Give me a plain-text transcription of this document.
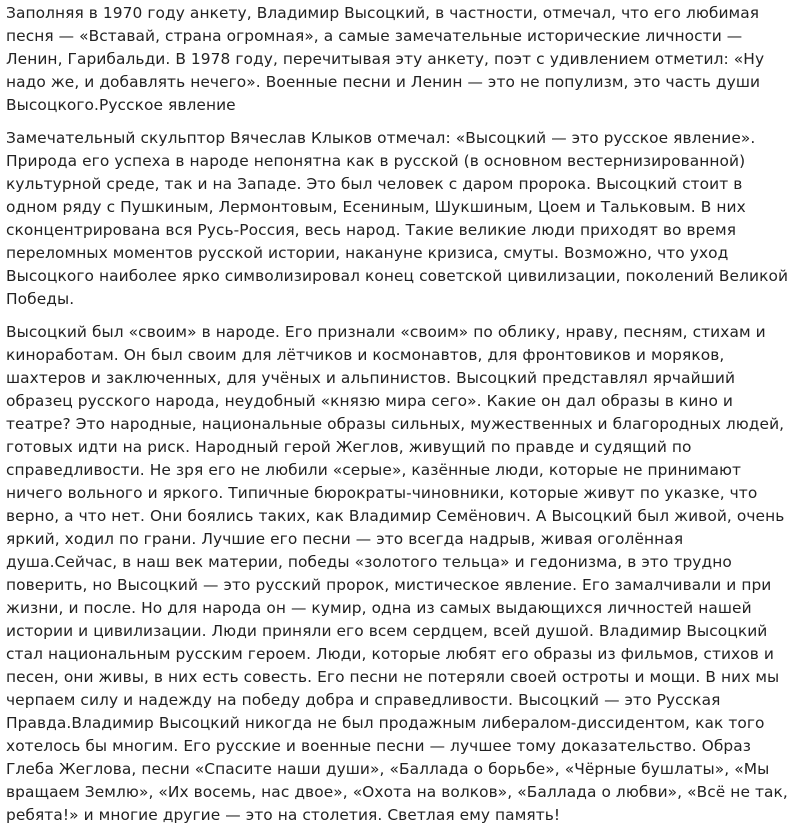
Заполняя в 1970 году анкету, Владимир Высоцкий, в частности, отмечал, что его любимая песня — «Вставай, страна огромная», а самые замечательные исторические личности — Ленин, Гарибальди. В 1978 году, перечитывая эту анкету, поэт с удивлением отметил: «Ну надо же, и добавлять нечего». Военные песни и Ленин — это не популизм, это часть души Высоцкого.Русское явление

Замечательный скульптор Вячеслав Клыков отмечал: «Высоцкий — это русское явление». Природа его успеха в народе непонятна как в русской (в основном вестернизированной) культурной среде, так и на Западе. Это был человек с даром пророка. Высоцкий стоит в одном ряду с Пушкиным, Лермонтовым, Есениным, Шукшиным, Цоем и Тальковым. В них сконцентрирована вся Русь-Россия, весь народ. Такие великие люди приходят во время переломных моментов русской истории, накануне кризиса, смуты. Возможно, что уход Высоцкого наиболее ярко символизировал конец советской цивилизации, поколений Великой Победы.

Высоцкий был «своим» в народе. Его признали «своим» по облику, нраву, песням, стихам и киноработам. Он был своим для лётчиков и космонавтов, для фронтовиков и моряков, шахтеров и заключенных, для учёных и альпинистов. Высоцкий представлял ярчайший образец русского народа, неудобный «князю мира сего». Какие он дал образы в кино и театре? Это народные, национальные образы сильных, мужественных и благородных людей, готовых идти на риск. Народный герой Жеглов, живущий по правде и судящий по справедливости. Не зря его не любили «серые», казённые люди, которые не принимают ничего вольного и яркого. Типичные бюрократы-чиновники, которые живут по указке, что верно, а что нет. Они боялись таких, как Владимир Семёнович. А Высоцкий был живой, очень яркий, ходил по грани. Лучшие его песни — это всегда надрыв, живая оголённая душа.Сейчас, в наш век материи, победы «золотого тельца» и гедонизма, в это трудно поверить, но Высоцкий — это русский пророк, мистическое явление. Его замалчивали и при жизни, и после. Но для народа он — кумир, одна из самых выдающихся личностей нашей истории и цивилизации. Люди приняли его всем сердцем, всей душой. Владимир Высоцкий стал национальным русским героем. Люди, которые любят его образы из фильмов, стихов и песен, они живы, в них есть совесть. Его песни не потеряли своей остроты и мощи. В них мы черпаем силу и надежду на победу добра и справедливости. Высоцкий — это Русская Правда.Владимир Высоцкий никогда не был продажным либералом-диссидентом, как того хотелось бы многим. Его русские и военные песни — лучшее тому доказательство. Образ Глеба Жеглова, песни «Спасите наши души», «Баллада о борьбе», «Чёрные бушлаты», «Мы вращаем Землю», «Их восемь, нас двое», «Охота на волков», «Баллада о любви», «Всё не так, ребята!» и многие другие — это на столетия. Светлая ему память!
